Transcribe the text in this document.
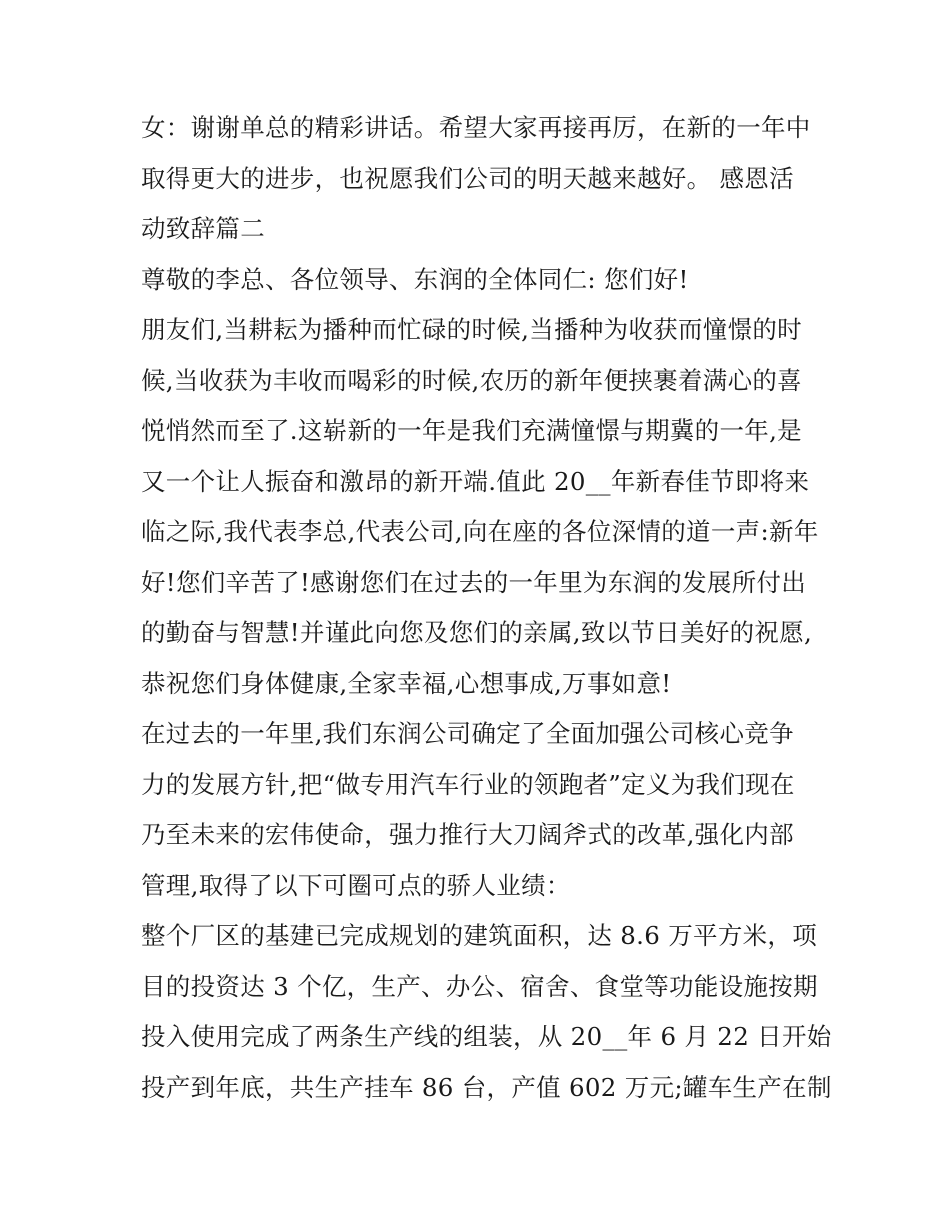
女：谢谢单总的精彩讲话。希望大家再接再厉，在新的一年中
取得更大的进步，也祝愿我们公司的明天越来越好。 感恩活
动致辞篇二
尊敬的李总、各位领导、东润的全体同仁: 您们好!
朋友们,当耕耘为播种而忙碌的时候,当播种为收获而憧憬的时
候,当收获为丰收而喝彩的时候,农历的新年便挟裹着满心的喜
悦悄然而至了.这崭新的一年是我们充满憧憬与期冀的一年,是
又一个让人振奋和激昂的新开端.值此 20__年新春佳节即将来
临之际,我代表李总,代表公司,向在座的各位深情的道一声:新年
好!您们辛苦了!感谢您们在过去的一年里为东润的发展所付出
的勤奋与智慧!并谨此向您及您们的亲属,致以节日美好的祝愿,
恭祝您们身体健康,全家幸福,心想事成,万事如意!
在过去的一年里,我们东润公司确定了全面加强公司核心竞争
力的发展方针,把“做专用汽车行业的领跑者”定义为我们现在
乃至未来的宏伟使命，强力推行大刀阔斧式的改革,强化内部
管理,取得了以下可圈可点的骄人业绩：
整个厂区的基建已完成规划的建筑面积，达 8.6 万平方米，项
目的投资达 3 个亿，生产、办公、宿舍、食堂等功能设施按期
投入使用完成了两条生产线的组装，从 20__年 6 月 22 日开始
投产到年底，共生产挂车 86 台，产值 602 万元;罐车生产在制
